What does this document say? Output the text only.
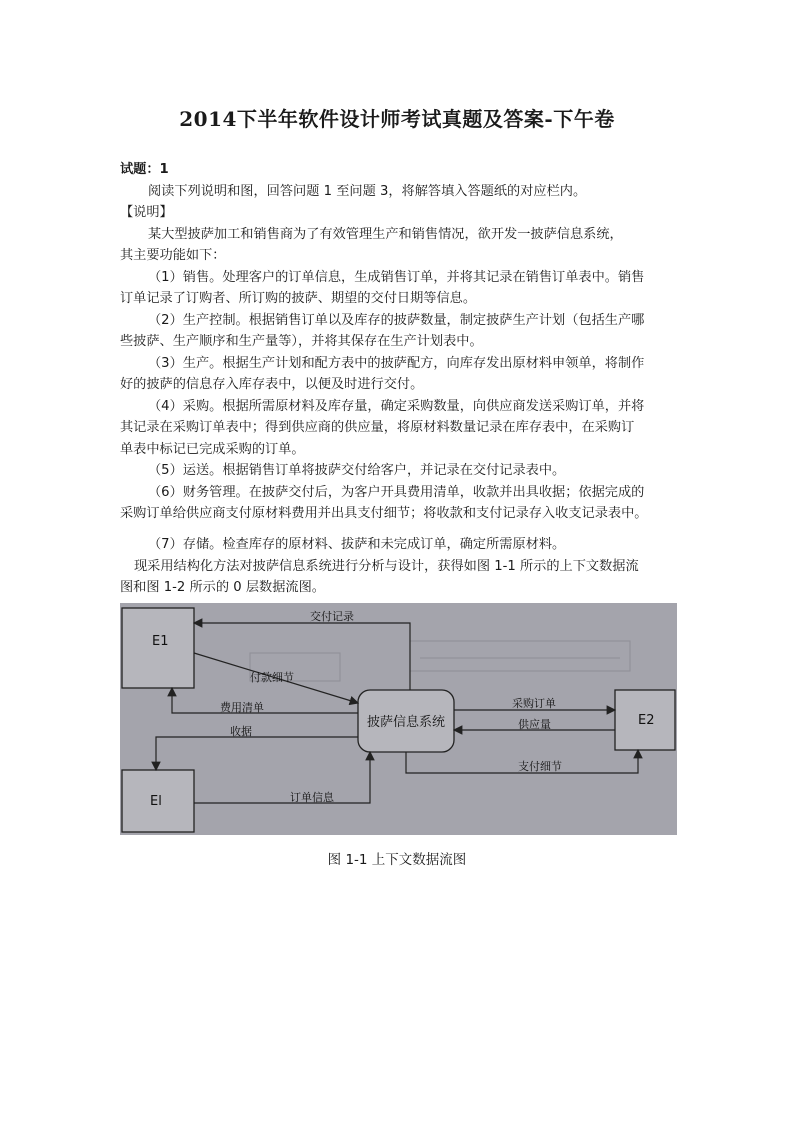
2014下半年软件设计师考试真题及答案-下午卷
试题：1
阅读下列说明和图，回答问题 1 至问题 3，将解答填入答题纸的对应栏内。
【说明】
某大型披萨加工和销售商为了有效管理生产和销售情况，欲开发一披萨信息系统，
其主要功能如下：
（1）销售。处理客户的订单信息，生成销售订单，并将其记录在销售订单表中。销售
订单记录了订购者、所订购的披萨、期望的交付日期等信息。
（2）生产控制。根据销售订单以及库存的披萨数量，制定披萨生产计划（包括生产哪
些披萨、生产顺序和生产量等），并将其保存在生产计划表中。
（3）生产。根据生产计划和配方表中的披萨配方，向库存发出原材料申领单，将制作
好的披萨的信息存入库存表中，以便及时进行交付。
（4）采购。根据所需原材料及库存量，确定采购数量，向供应商发送采购订单，并将
其记录在采购订单表中；得到供应商的供应量，将原材料数量记录在库存表中，在采购订
单表中标记已完成采购的订单。
（5）运送。根据销售订单将披萨交付给客户，并记录在交付记录表中。
（6）财务管理。在披萨交付后，为客户开具费用清单，收款并出具收据；依据完成的
采购订单给供应商支付原材料费用并出具支付细节；将收款和支付记录存入收支记录表中。
（7）存储。检查库存的原材料、拔萨和未完成订单，确定所需原材料。
现采用结构化方法对披萨信息系统进行分析与设计，获得如图 1-1 所示的上下文数据流
图和图 1-2 所示的 0 层数据流图。
E1
El
E2
披萨信息系统
交付记录
付款细节
费用清单
收据
订单信息
采购订单
供应量
支付细节
图 1-1 上下文数据流图
